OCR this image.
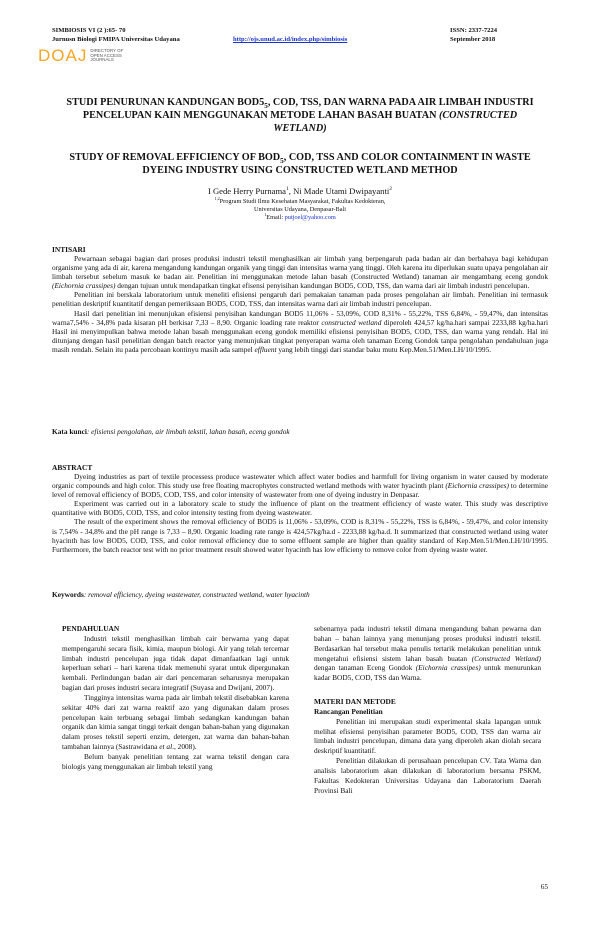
SIMBIOSIS VI (2 ):65- 70
Jurnusn Biologi FMIPA Universitas Udayana	http://ojs.unud.ac.id/index.php/simbiosis
ISSN: 2337-7224
September 2018
DOAJ DIRECTORY OF OPEN ACCESS JOURNALS
STUDI PENURUNAN KANDUNGAN $BOD5_5$, COD, TSS, DAN WARNA PADA AIR LIMBAH INDUSTRI
PENCELUPAN KAIN MENGGUNAKAN METODE LAHAN BASAH BUATAN (CONSTRUCTED
WETLAND)
STUDY OF REMOVAL EFFICIENCY OF $BOD_5$, COD, TSS AND COLOR CONTAINMENT IN WASTE
DYEING INDUSTRY USING CONSTRUCTED WETLAND METHOD
I Gede Herry Purnama$^1$, Ni Made Utami Dwipayanti$^2$
$^{1,2}$Program Studi Ilmu Kesehatan Masyarakat, Fakultas Kedokteran,
Universitas Udayana, Denpasar-Bali
$^1$Email: putjoel@yahoo.com
INTISARI

Pewarnaan sebagai bagian dari proses produksi industri tekstil menghasilkan air limbah yang berpengaruh pada badan air dan berbahaya bagi kehidupan organisme yang ada di air, karena mengandung kandungan organik yang tinggi dan intensitas warna yang tinggi. Oleh karena itu diperlukan suatu upaya pengolahan air limbah tersebut sebelum masuk ke badan air. Penelitian ini menggunakan metode lahan basah (Constructed Wetland) tanaman air mengambang eceng gondok (Eichornia crassipes) dengan tujuan untuk mendapatkan tingkat efisensi penyisihan kandungan BOD5, COD, TSS, dan warna dari air limbah industri pencelupan.

Penelitian ini berskala laboratorium untuk meneliti efisiensi pengaruh dari pemakaian tanaman pada proses pengolahan air limbah. Penelitian ini termasuk penelitian deskriptif kuantitatif dengan pemeriksaan BOD5, COD, TSS, dan intensitas warna dari air limbah industri pencelupan.

Hasil dari penelitian ini menunjukan efisiensi penyisihan kandungan BOD5 11,06% - 53,09%, COD 8,31% - 55,22%, TSS 6,84%, - 59,47%, dan intensitas warna7,54% - 34,8% pada kisaran pH berkisar 7,33 – 8,90. Organic loading rate reaktor constructed wetland diperoleh 424,57 kg/ha.hari sampai 2233,88 kg/ha.hari Hasil ini menyimpulkan bahwa metode lahan basah menggunakan eceng gondok memiliki efisiensi penyisihan BOD5, COD, TSS, dan warna yang rendah. Hal ini ditunjang dengan hasil penelitian dengan batch reactor yang menunjukan tingkat penyerapan warna oleh tanaman Eceng Gondok tanpa pengolahan pendahuluan juga masih rendah. Selain itu pada percobaan kontinyu masih ada sampel effluent yang lebih tinggi dari standar baku mutu Kep.Men.51/Men.LH/10/1995.

Kata kunci: efisiensi pengolahan, air limbah tekstil, lahan basah, eceng gondok
ABSTRACT

Dyeing industries as part of textile processess produce wastewater which affect water bodies and harmfull for living organism in water caused by moderate organic compounds and high color. This study use free floating macrophytes constructed wetland methods with water hyacinth plant (Eichornia crassipes) to determine level of removal efficiency of BOD5, COD, TSS, and color intensity of wastewater from one of dyeing industry in Denpasar.

Experiment was carried out in a laboratory scale to study the influence of plant on the treatment efficiency of waste water. This study was descriptive quantitative with BOD5, COD, TSS, and color intensity testing from dyeing wastewater.

The result of the experiment shows the removal efficiency of BOD5 is 11,06% - 53,09%, COD is 8,31% - 55,22%, TSS is 6,84%, - 59,47%, and color intensity is 7,54% - 34,8% and the pH range is 7,33 – 8,90. Organic loading rate range is 424,57kg/ha.d - 2233,88 kg/ha.d. It summarized that constructed wetland using water hyacinth has low BOD5, COD, TSS, and color removal efficiency due to some effluent sample are higher than quality standard of Kep.Men.51/Men.LH/10/1995. Furthermore, the batch reactor test with no prior treatment result showed water hyacinth has low efficieny to remove color from dyeing waste water.

Keywords: removal efficiency, dyeing wastewater, constructed wetland, water hyacinth

PENDAHULUAN

Industri tekstil menghasilkan limbah cair berwarna yang dapat mempengaruhi secara fisik, kimia, maupun biologi. Air yang telah tercemar limbah industri pencelupan juga tidak dapat dimanfaatkan lagi untuk keperluan sehari – hari karena tidak memenuhi syarat untuk dipergunakan kembali. Perlindungan badan air dari pencemaran seharusnya merupakan bagian dari proses industri secara integratif (Suyasa and Dwijani, 2007).

Tingginya intensitas warna pada air limbah tekstil disebabkan karena sekitar 40% dari zat warna reaktif azo yang digunakan dalam proses pencelupan kain terbuang sebagai limbah sedangkan kandungan bahan organik dan kimia sangat tinggi terkait dengan bahan-bahan yang digunakan dalam proses tekstil seperti enzim, detergen, zat warna dan bahan-bahan tambahan lainnya (Sastrawidana et al., 2008).

Belum banyak penelitian tentang zat warna tekstil dengan cara biologis yang menggunakan air limbah tekstil yang

sebenarnya pada industri tekstil dimana mengandung bahan pewarna dan bahan – bahan lainnya yang menunjang proses produksi industri tekstil. Berdasarkan hal tersebut maka penulis tertarik melakukan penelitian untuk mengetahui efisiensi sistem lahan basah buatan (Constructed Wetland) dengan tanaman Eceng Gondok (Eichornia crassipes) untuk menurunkan kadar BOD5, COD, TSS dan Warna.

MATERI DAN METODE

Rancangan Penelitian

Penelitian ini merupakan studi experimental skala lapangan untuk melihat efisiensi penyisihan parameter BOD5, COD, TSS dan warna air limbah industri pencelupan, dimana data yang diperoleh akan diolah secara deskriptif kuantitatif.

Penelitian dilakukan di perusahaan pencelupan CV. Tata Warna dan analisis laboratorium akan dilakukan di laboratorium bersama PSKM, Fakultas Kedokteran Universitas Udayana dan Laboratorium Daerah Provinsi Bali

65
